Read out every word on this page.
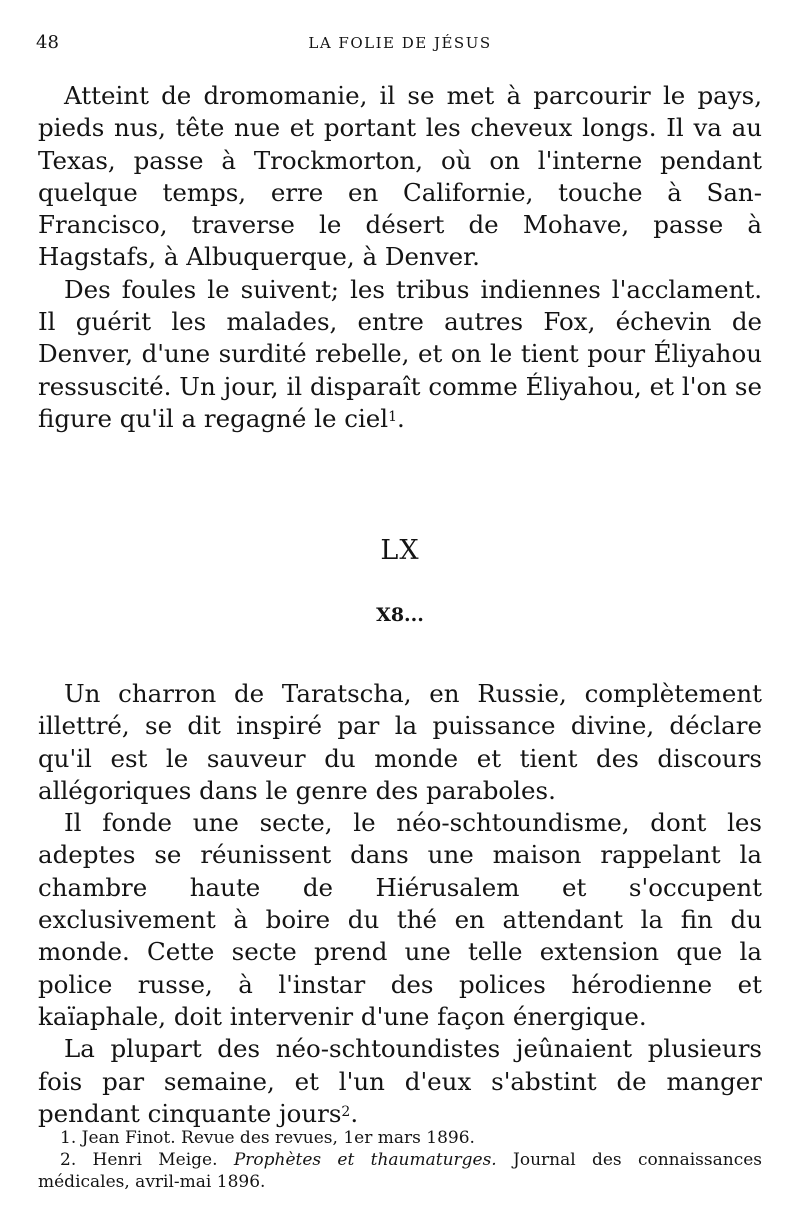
48	LA FOLIE DE JÉSUS

Atteint de dromomanie, il se met à parcourir le pays, pieds nus, tête nue et portant les cheveux longs. Il va au Texas, passe à Trockmorton, où on l'interne pendant quelque temps, erre en Californie, touche à San-Francisco, traverse le désert de Mohave, passe à Hagstafs, à Albuquerque, à Denver.

Des foules le suivent; les tribus indiennes l'acclament. Il guérit les malades, entre autres Fox, échevin de Denver, d'une surdité rebelle, et on le tient pour Éliyahou ressuscité. Un jour, il disparaît comme Éliyahou, et l'on se figure qu'il a regagné le ciel$^1$.

LX
X8...

Un charron de Taratscha, en Russie, complètement illettré, se dit inspiré par la puissance divine, déclare qu'il est le sauveur du monde et tient des discours allégoriques dans le genre des paraboles.

Il fonde une secte, le néo-schtoundisme, dont les adeptes se réunissent dans une maison rappelant la chambre haute de Hiérusalem et s'occupent exclusivement à boire du thé en attendant la fin du monde. Cette secte prend une telle extension que la police russe, à l'instar des polices hérodienne et kaïaphale, doit intervenir d'une façon énergique.

La plupart des néo-schtoundistes jeûnaient plusieurs fois par semaine, et l'un d'eux s'abstint de manger pendant cinquante jours$^2$.

1. Jean Finot. Revue des revues, 1er mars 1896.

2. Henri Meige. Prophètes et thaumaturges. Journal des connaissances médicales, avril-mai 1896.
